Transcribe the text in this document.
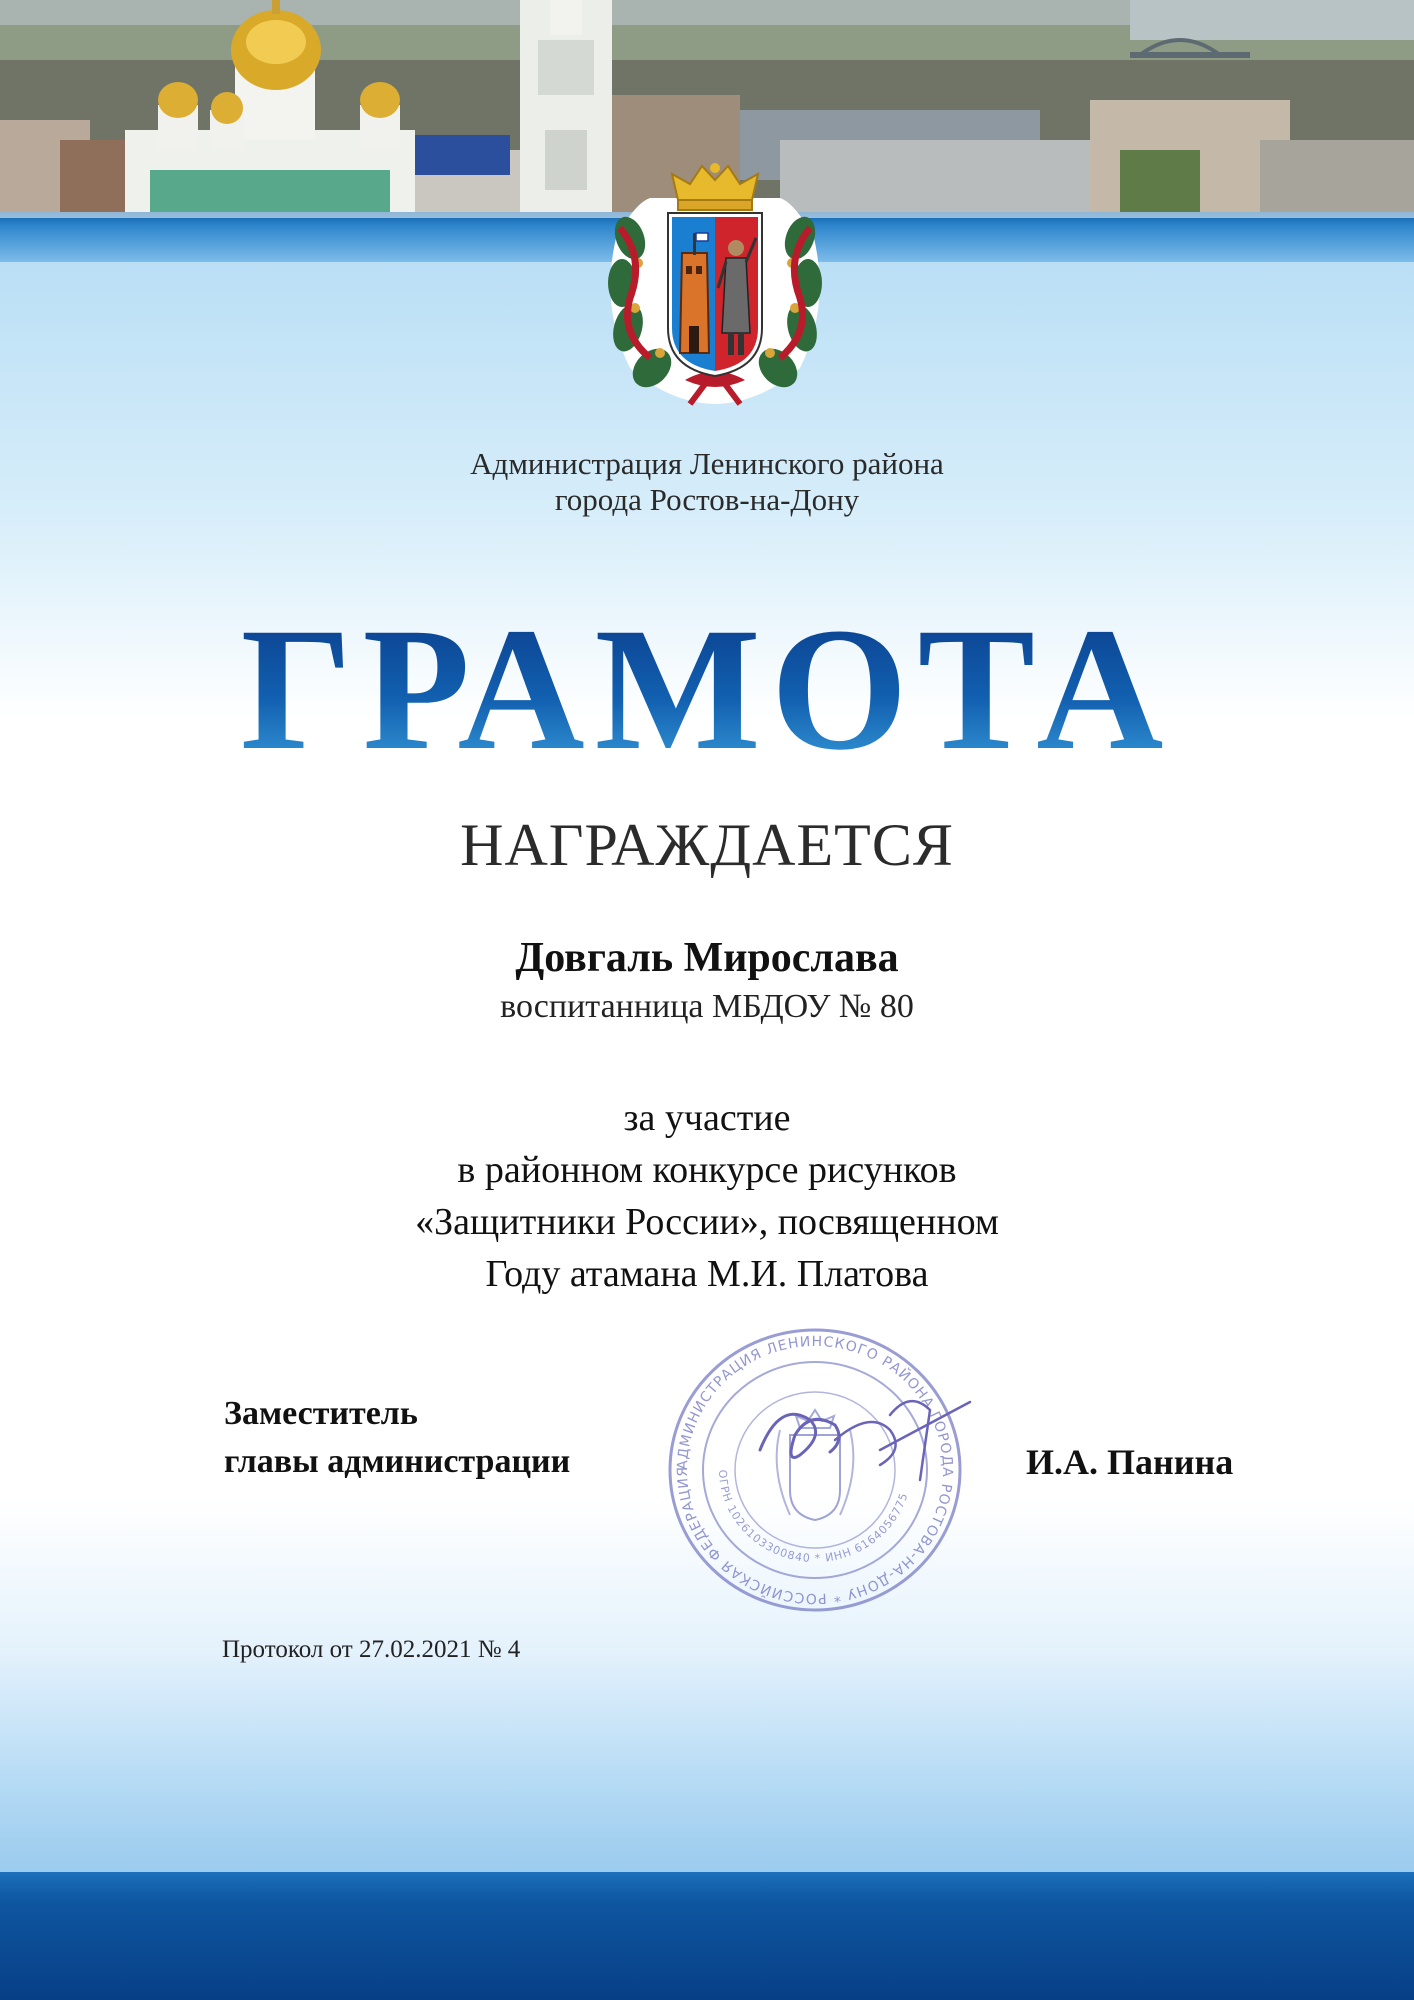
Администрация Ленинского района
города Ростов-на-Дону
ГРАМОТА
НАГРАЖДАЕТСЯ
Довгаль Мирослава
воспитанница МБДОУ № 80
за участие
в районном конкурсе рисунков
«Защитники России», посвященном
Году атамана М.И. Платова
Заместитель
главы администрации	АДМИНИСТРАЦИЯ ЛЕНИНСКОГО РАЙОНА ГОРОДА РОСТОВА-НА-ДОНУ * РОССИЙСКАЯ ФЕДЕРАЦИЯ	ОГРН 1026103300840 * ИНН 6164056775
И.А. Панина
Протокол от 27.02.2021 № 4
